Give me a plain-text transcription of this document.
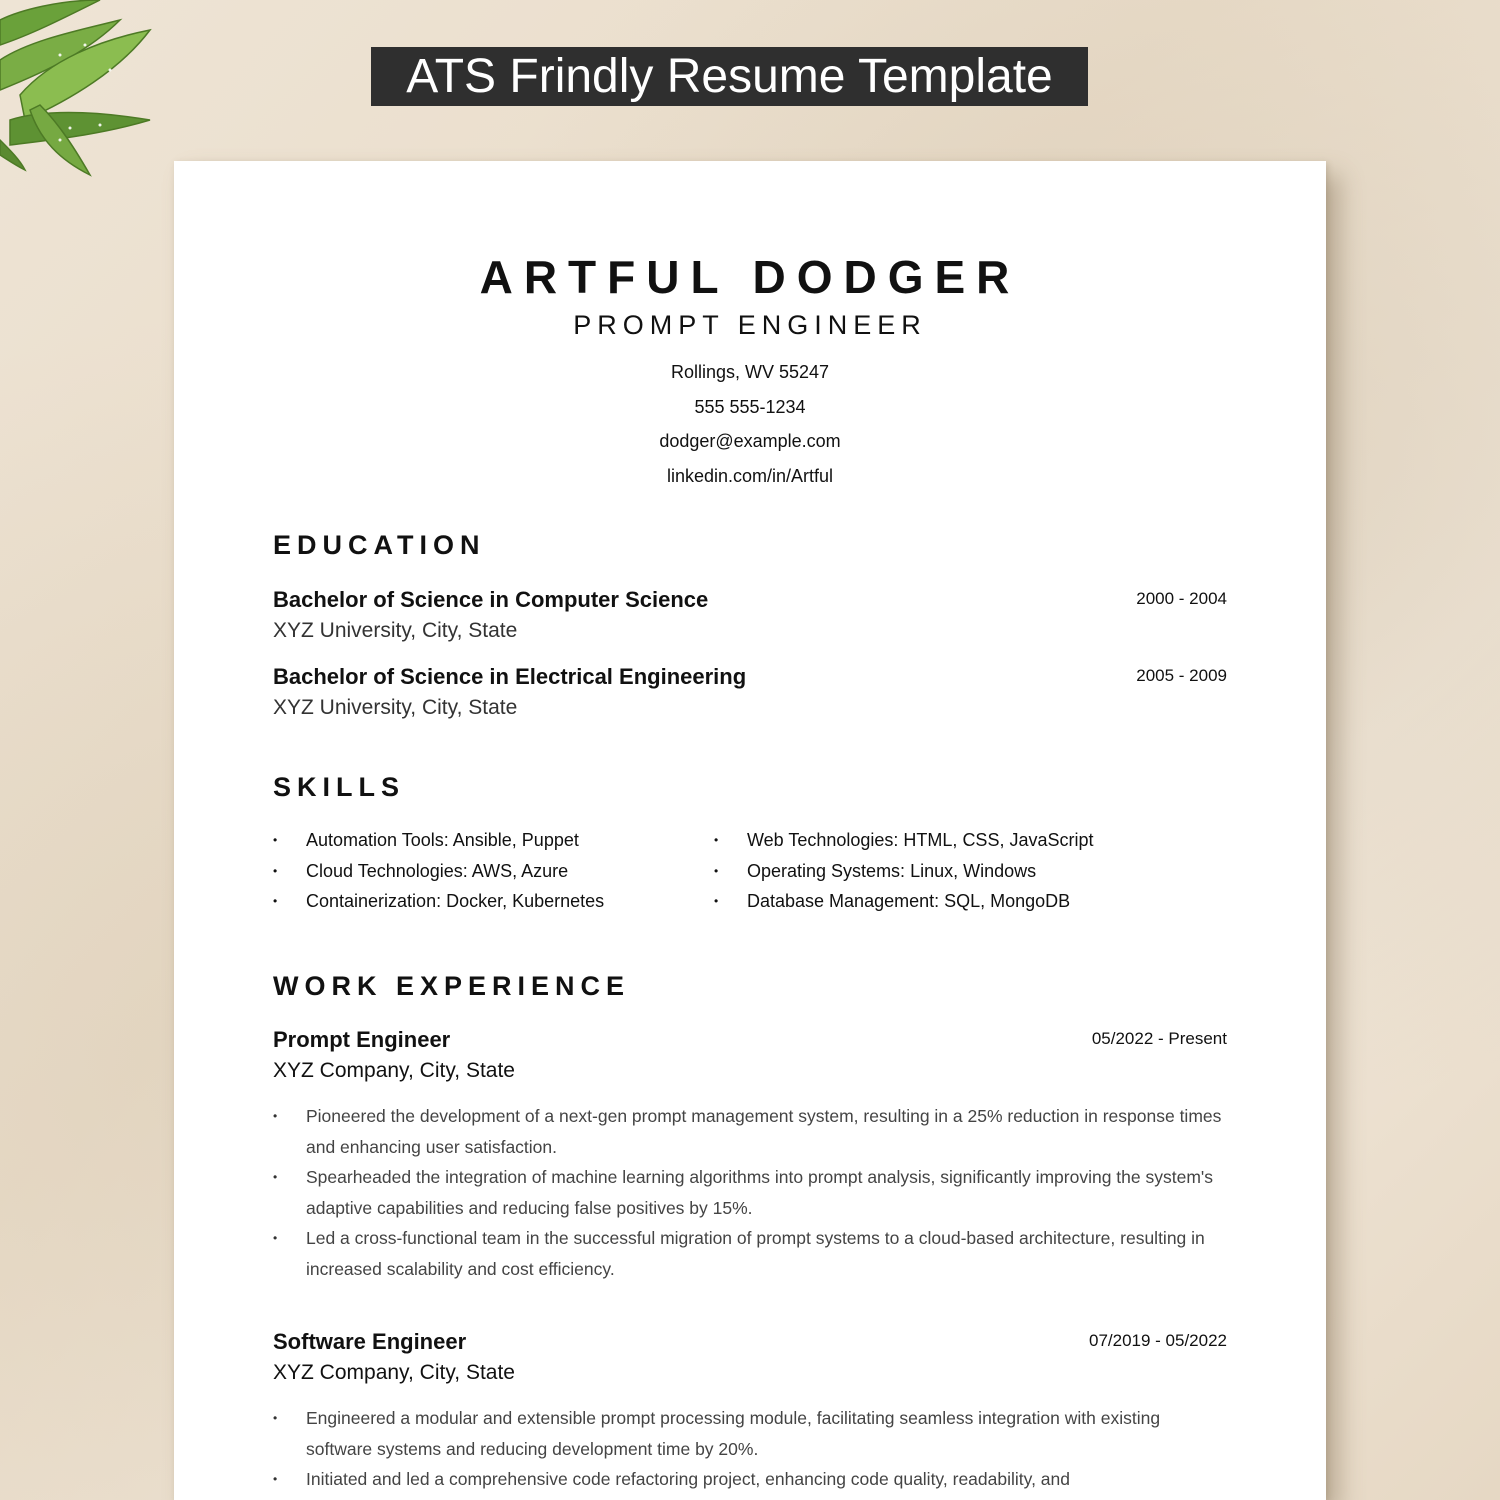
ATS Frindly Resume Template
ARTFUL DODGER
PROMPT ENGINEER
Rollings, WV 55247
555 555-1234
dodger@example.com
linkedin.com/in/Artful
EDUCATION
Bachelor of Science in Computer Science	2000 - 2004
XYZ University, City, State
Bachelor of Science in Electrical Engineering	2005 - 2009
XYZ University, City, State
SKILLS
• Automation Tools: Ansible, Puppet
• Cloud Technologies: AWS, Azure
• Containerization: Docker, Kubernetes
• Web Technologies: HTML, CSS, JavaScript
• Operating Systems: Linux, Windows
• Database Management: SQL, MongoDB
WORK EXPERIENCE
Prompt Engineer	05/2022 - Present
XYZ Company, City, State
• Pioneered the development of a next-gen prompt management system, resulting in a 25% reduction in response times and enhancing user satisfaction.
• Spearheaded the integration of machine learning algorithms into prompt analysis, significantly improving the system's adaptive capabilities and reducing false positives by 15%.
• Led a cross-functional team in the successful migration of prompt systems to a cloud-based architecture, resulting in increased scalability and cost efficiency.
Software Engineer	07/2019 - 05/2022
XYZ Company, City, State
• Engineered a modular and extensible prompt processing module, facilitating seamless integration with existing software systems and reducing development time by 20%.
• Initiated and led a comprehensive code refactoring project, enhancing code quality, readability, and
